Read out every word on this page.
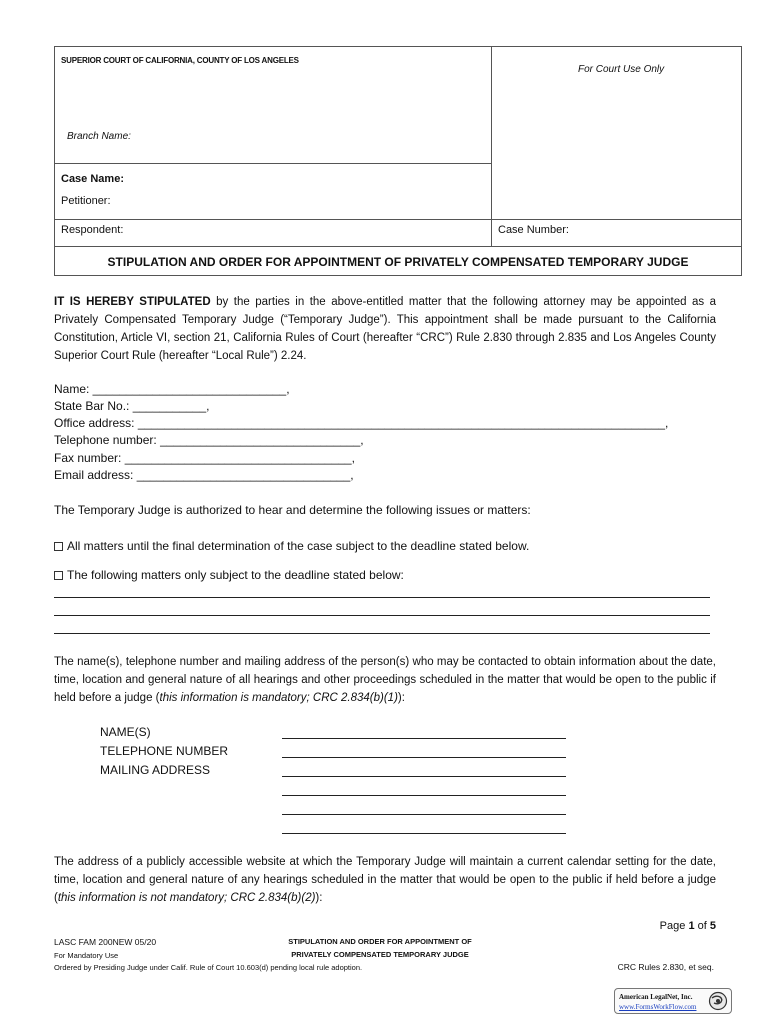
SUPERIOR COURT OF CALIFORNIA, COUNTY OF LOS ANGELES
Branch Name:
For Court Use Only
Case Name:
Petitioner:
Respondent:	Case Number:
STIPULATION AND ORDER FOR APPOINTMENT OF PRIVATELY COMPENSATED TEMPORARY JUDGE
IT IS HEREBY STIPULATED by the parties in the above-entitled matter that the following attorney may be appointed as a Privately Compensated Temporary Judge (“Temporary Judge”). This appointment shall be made pursuant to the California Constitution, Article VI, section 21, California Rules of Court (hereafter “CRC”) Rule 2.830 through 2.835 and Los Angeles County Superior Court Rule (hereafter “Local Rule”) 2.24.
Name: _____________________________,
State Bar No.: ___________,
Office address: _______________________________________________________________________________,
Telephone number: ______________________________,
Fax number: __________________________________,
Email address: ________________________________,
The Temporary Judge is authorized to hear and determine the following issues or matters:
All matters until the final determination of the case subject to the deadline stated below.
The following matters only subject to the deadline stated below:
The name(s), telephone number and mailing address of the person(s) who may be contacted to obtain information about the date, time, location and general nature of all hearings and other proceedings scheduled in the matter that would be open to the public if held before a judge (this information is mandatory; CRC 2.834(b)(1)):
NAME(S)
TELEPHONE NUMBER
MAILING ADDRESS
The address of a publicly accessible website at which the Temporary Judge will maintain a current calendar setting for the date, time, location and general nature of any hearings scheduled in the matter that would be open to the public if held before a judge (this information is not mandatory; CRC 2.834(b)(2)):
Page 1 of 5
LASC FAM 200NEW 05/20
For Mandatory Use
Ordered by Presiding Judge under Calif. Rule of Court 10.603(d) pending local rule adoption.
STIPULATION AND ORDER FOR APPOINTMENT OF
PRIVATELY COMPENSATED TEMPORARY JUDGE
CRC Rules 2.830, et seq.
American LegalNet, Inc.
www.FormsWorkFlow.com
